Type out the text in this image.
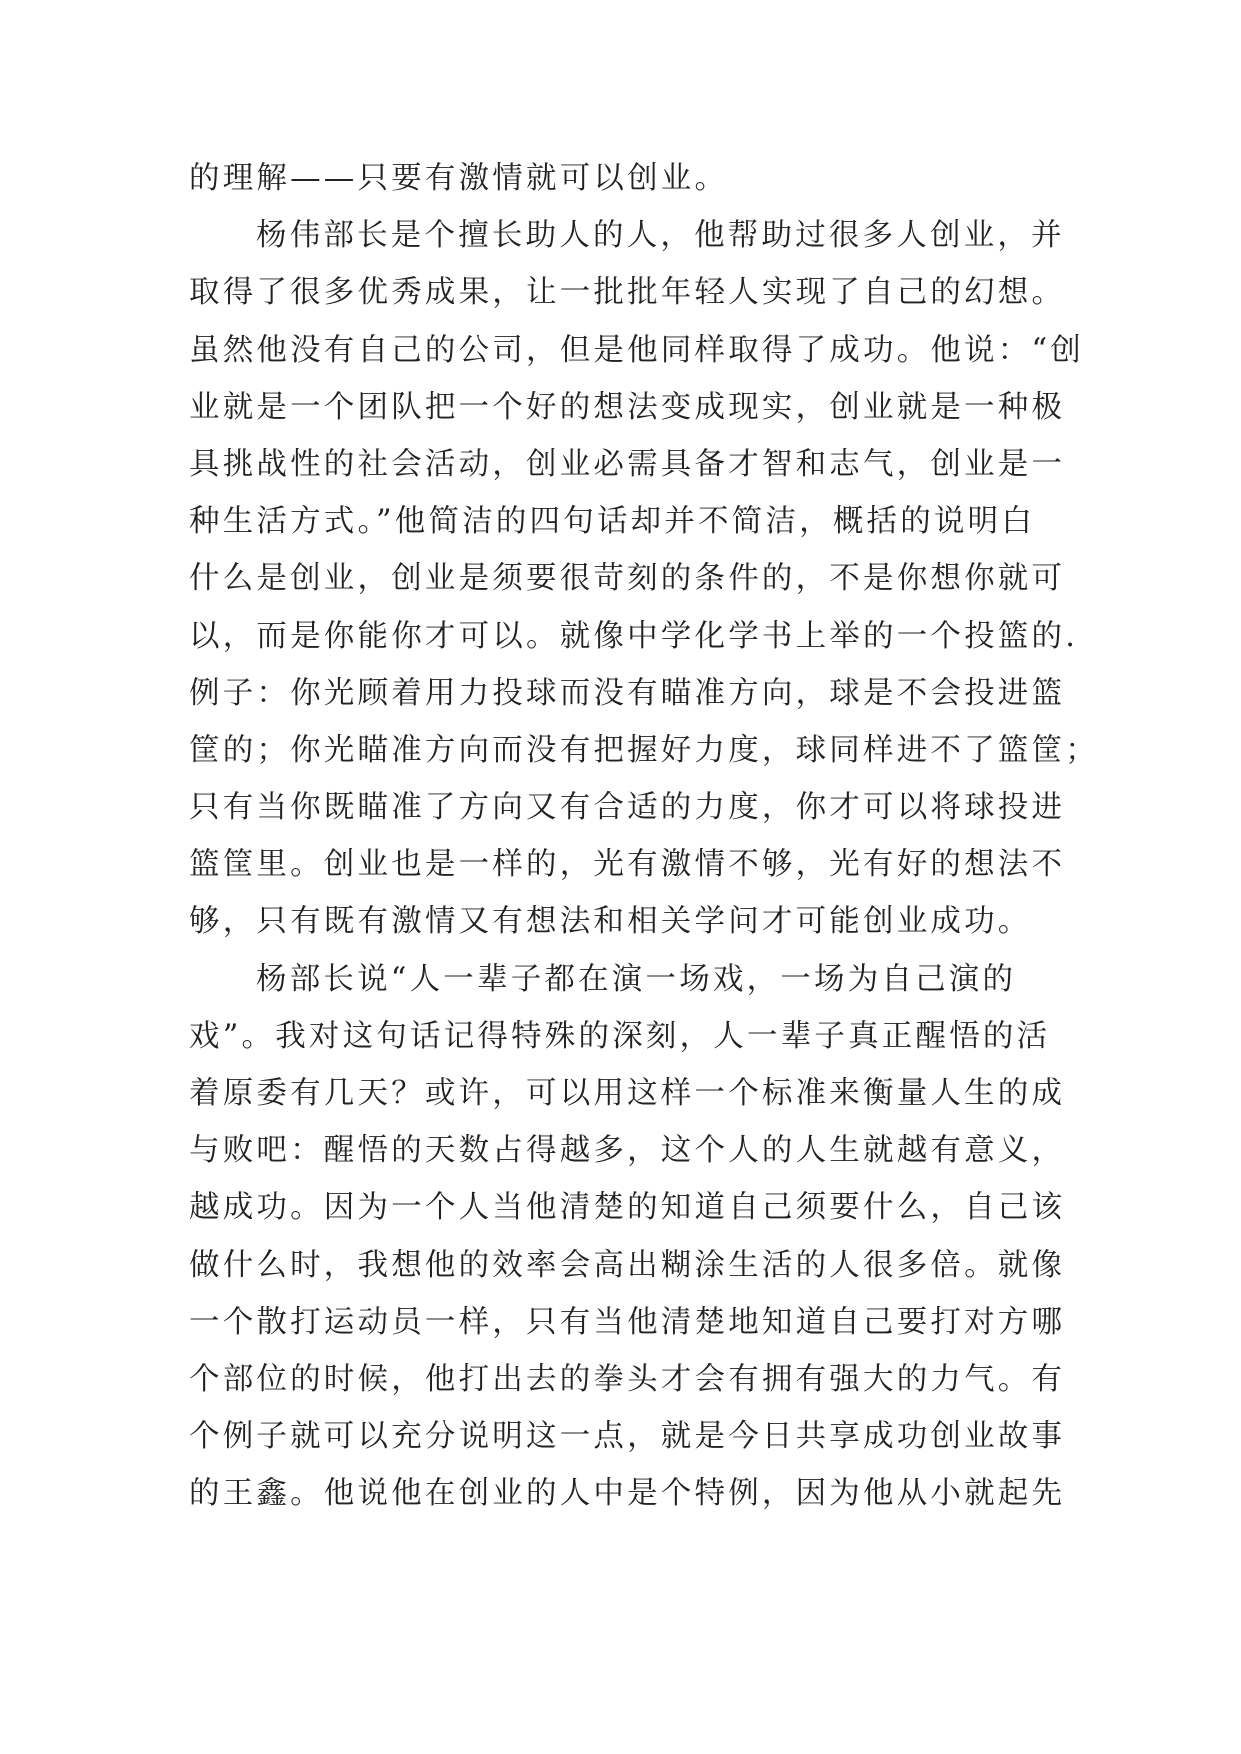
的理解——只要有激情就可以创业。
杨伟部长是个擅长助人的人，他帮助过很多人创业，并
取得了很多优秀成果，让一批批年轻人实现了自己的幻想。
虽然他没有自己的公司，但是他同样取得了成功。他说：“创
业就是一个团队把一个好的想法变成现实，创业就是一种极
具挑战性的社会活动，创业必需具备才智和志气，创业是一
种生活方式。”他简洁的四句话却并不简洁，概括的说明白
什么是创业，创业是须要很苛刻的条件的，不是你想你就可
以，而是你能你才可以。就像中学化学书上举的一个投篮的.
例子：你光顾着用力投球而没有瞄准方向，球是不会投进篮
筐的；你光瞄准方向而没有把握好力度，球同样进不了篮筐；
只有当你既瞄准了方向又有合适的力度，你才可以将球投进
篮筐里。创业也是一样的，光有激情不够，光有好的想法不
够，只有既有激情又有想法和相关学问才可能创业成功。
杨部长说“人一辈子都在演一场戏，一场为自己演的
戏”。我对这句话记得特殊的深刻，人一辈子真正醒悟的活
着原委有几天？或许，可以用这样一个标准来衡量人生的成
与败吧：醒悟的天数占得越多，这个人的人生就越有意义，
越成功。因为一个人当他清楚的知道自己须要什么，自己该
做什么时，我想他的效率会高出糊涂生活的人很多倍。就像
一个散打运动员一样，只有当他清楚地知道自己要打对方哪
个部位的时候，他打出去的拳头才会有拥有强大的力气。有
个例子就可以充分说明这一点，就是今日共享成功创业故事
的王鑫。他说他在创业的人中是个特例，因为他从小就起先
